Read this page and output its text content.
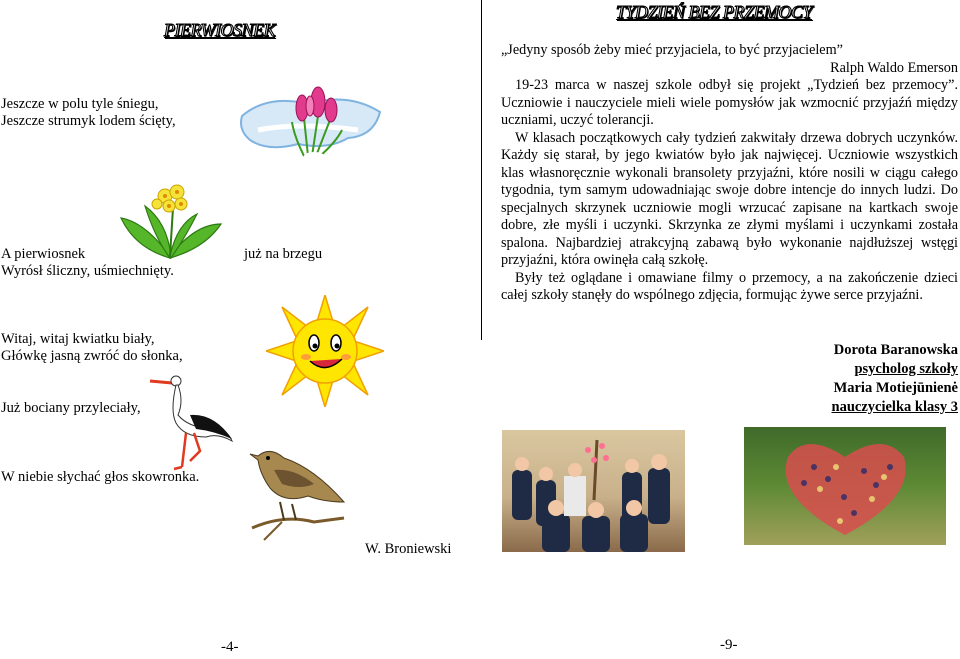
PIERWIOSNEK
Jeszcze w polu tyle śniegu,
Jeszcze strumyk lodem ścięty,
A pierwiosnek	już na brzegu
Wyrósł śliczny, uśmiechnięty.
Witaj, witaj kwiatku biały,
Główkę jasną zwróć do słonka,
Już bociany przyleciały,
W niebie słychać głos skowronka.
W. Broniewski
-4-
TYDZIEŃ BEZ PRZEMOCY

„Jedyny sposób żeby mieć przyjaciela, to być przyjacielem”

Ralph Waldo Emerson

19-23 marca w naszej szkole odbył się projekt „Tydzień bez przemocy”. Uczniowie i nauczyciele mieli wiele pomysłów jak wzmocnić przyjaźń między uczniami, uczyć tolerancji.

W klasach początkowych cały tydzień zakwitały drzewa dobrych uczynków. Każdy się starał, by jego kwiatów było jak najwięcej. Uczniowie wszystkich klas własnoręcznie wykonali bransolety przyjaźni, które nosili w ciągu całego tygodnia, tym samym udowadniając swoje dobre intencje do innych ludzi. Do specjalnych skrzynek uczniowie mogli wrzucać zapisane na kartkach swoje dobre, złe myśli i uczynki. Skrzynka ze złymi myślami i uczynkami została spalona. Najbardziej atrakcyjną zabawą było wykonanie najdłuższej wstęgi przyjaźni, która owinęła całą szkołę.

Były też oglądane i omawiane filmy o przemocy, a na zakończenie dzieci całej szkoły stanęły do wspólnego zdjęcia, formując żywe serce przyjaźni.

Dorota Baranowska
psycholog szkoły
Maria Motiejūnienė
nauczycielka klasy 3
-9-
